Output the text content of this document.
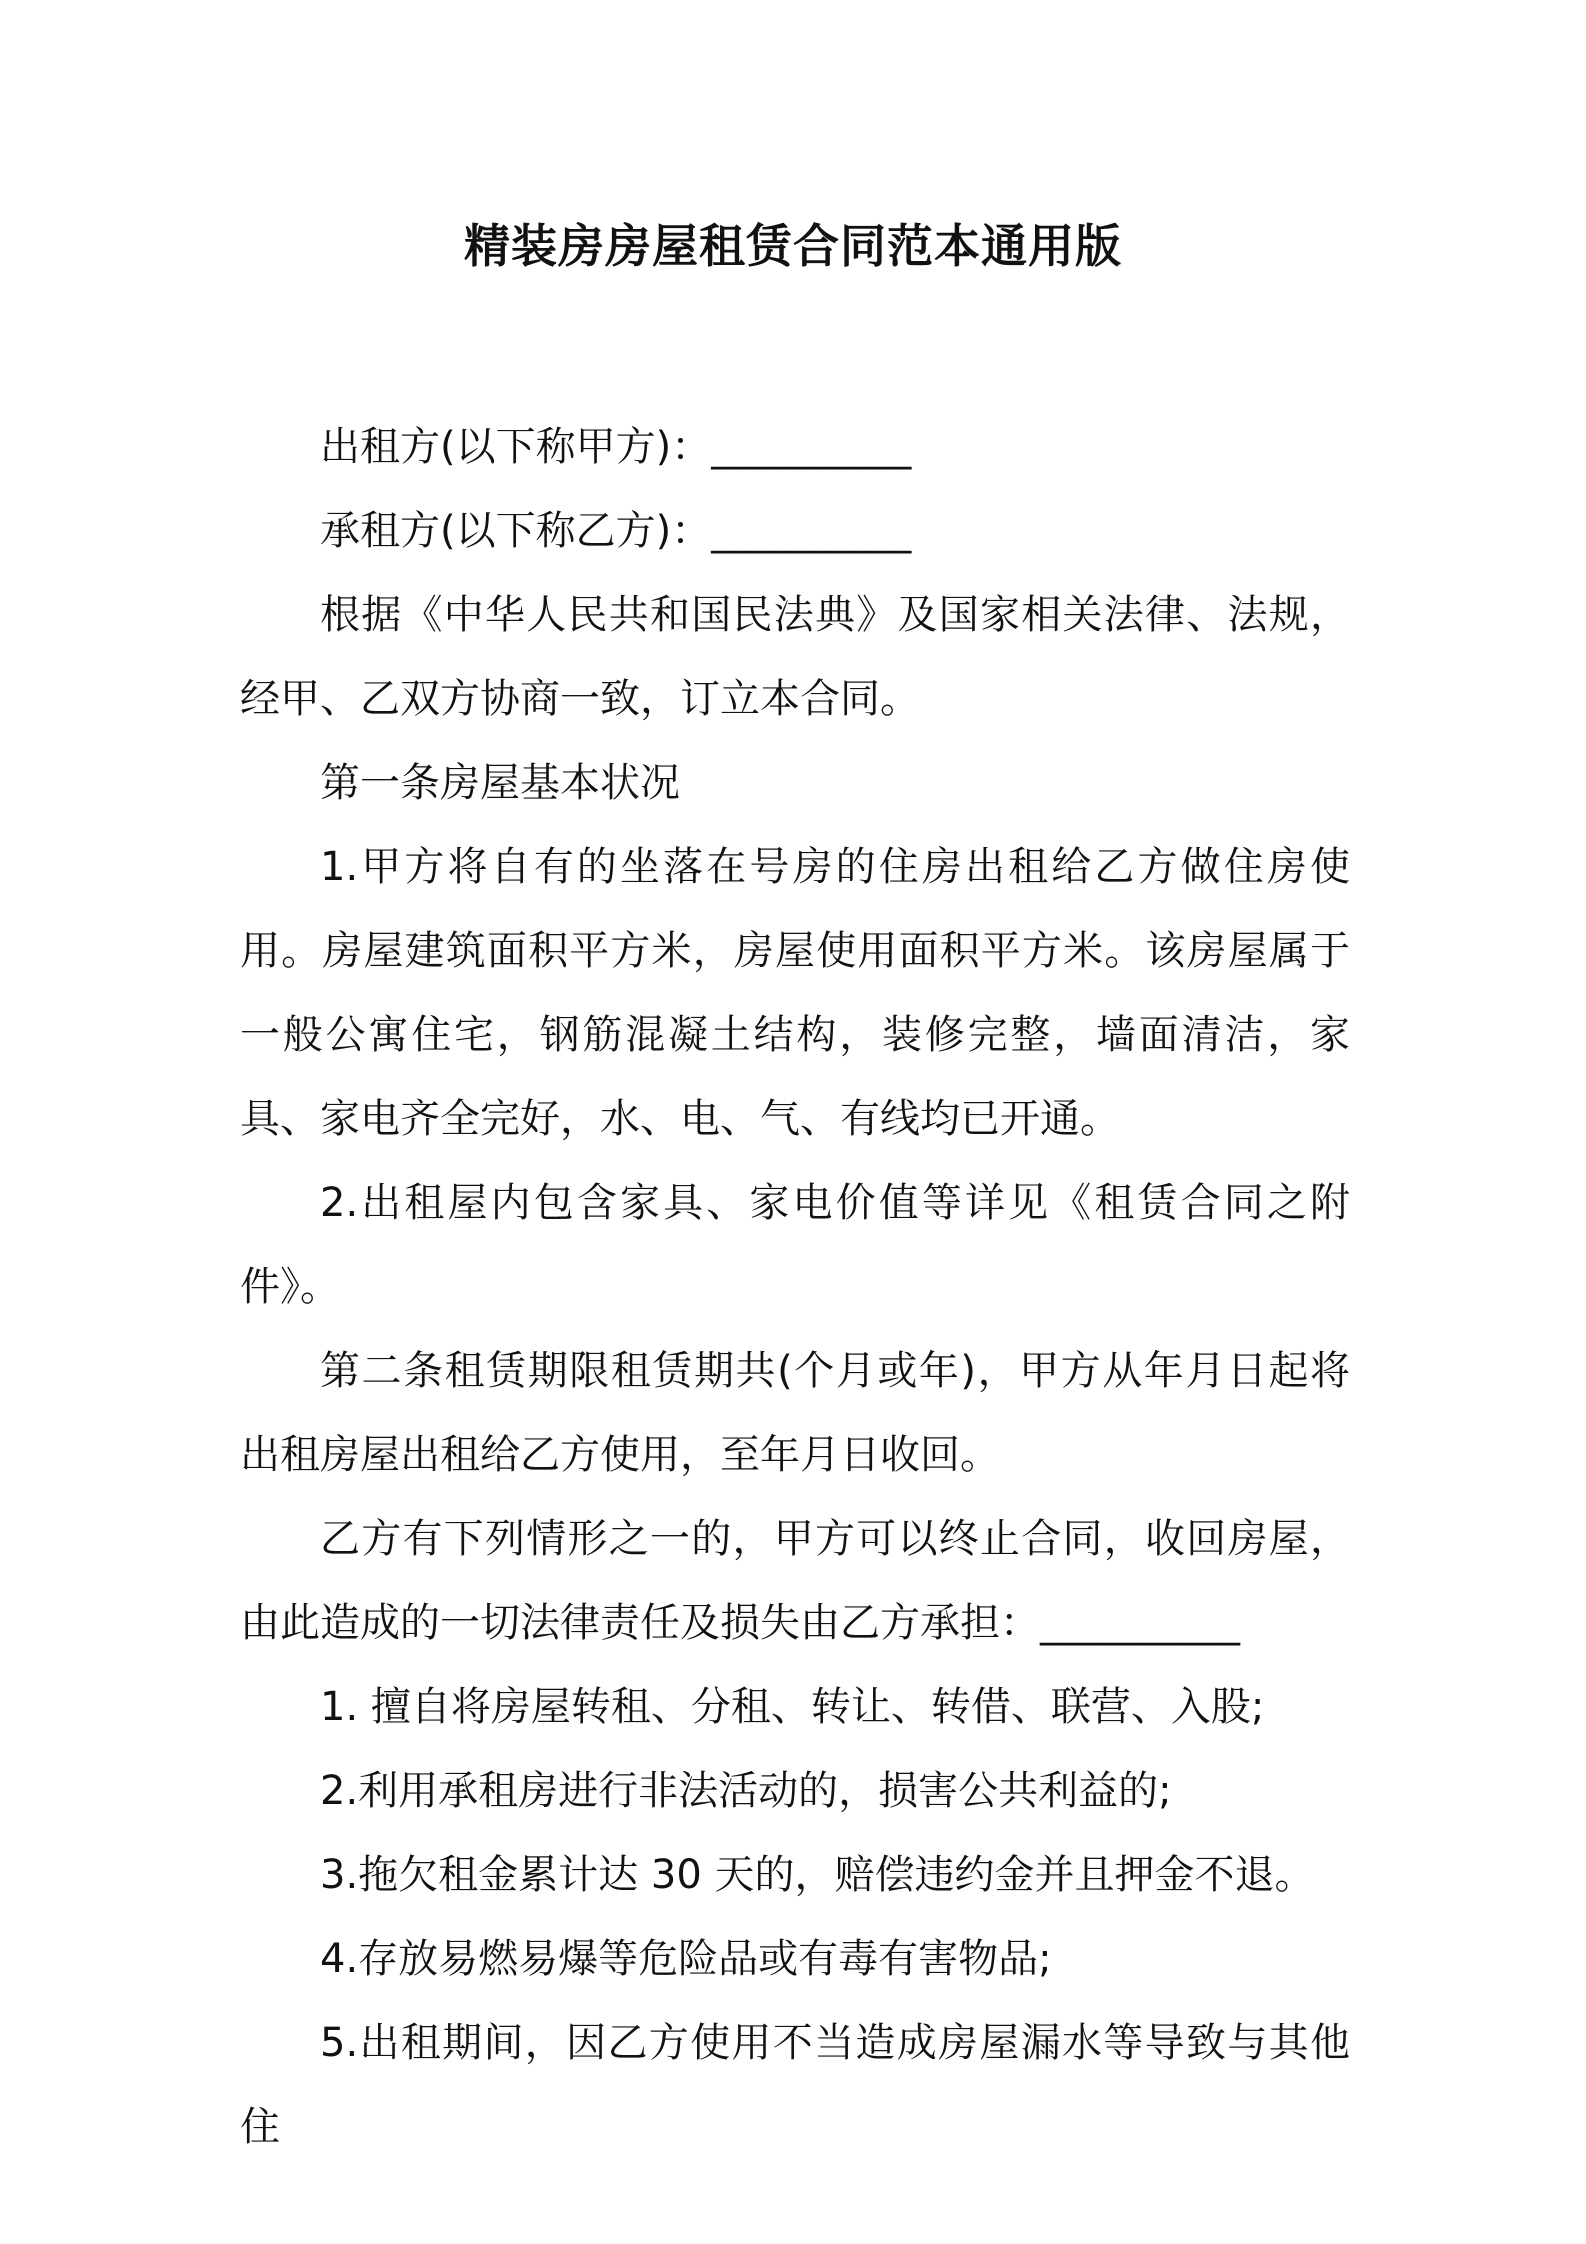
精装房房屋租赁合同范本通用版

出租方(以下称甲方)：__________

承租方(以下称乙方)：__________

根据《中华人民共和国民法典》及国家相关法律、法规，经甲、乙双方协商一致，订立本合同。

第一条房屋基本状况

1.甲方将自有的坐落在号房的住房出租给乙方做住房使用。房屋建筑面积平方米，房屋使用面积平方米。该房屋属于一般公寓住宅，钢筋混凝土结构，装修完整，墙面清洁，家具、家电齐全完好，水、电、气、有线均已开通。

2.出租屋内包含家具、家电价值等详见《租赁合同之附件》。

第二条租赁期限租赁期共(个月或年)，甲方从年月日起将出租房屋出租给乙方使用，至年月日收回。

乙方有下列情形之一的，甲方可以终止合同，收回房屋，由此造成的一切法律责任及损失由乙方承担：__________

1. 擅自将房屋转租、分租、转让、转借、联营、入股;

2.利用承租房进行非法活动的，损害公共利益的;

3.拖欠租金累计达 30 天的，赔偿违约金并且押金不退。

4.存放易燃易爆等危险品或有毒有害物品;

5.出租期间，因乙方使用不当造成房屋漏水等导致与其他住
